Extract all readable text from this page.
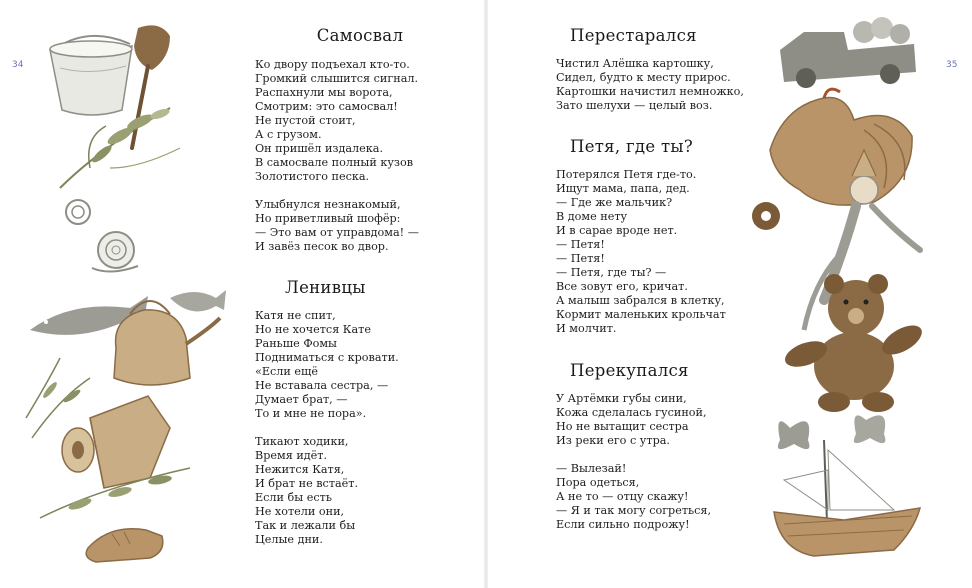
34
Самосвал
Ко двору подъехал кто-то.
Громкий слышится сигнал.
Распахнули мы ворота,
Смотрим: это самосвал!
Не пустой стоит,
А с грузом.
Он пришёл издалека.
В самосвале полный кузов
Золотистого песка.
Улыбнулся незнакомый,
Но приветливый шофёр:
— Это вам от управдома! —
И завёз песок во двор.
Ленивцы
Катя не спит,
Но не хочется Кате
Раньше Фомы
Подниматься с кровати.
«Если ещё
Не вставала сестра, —
Думает брат, —
То и мне не пора».
Тикают ходики,
Время идёт.
Нежится Катя,
И брат не встаёт.
Если бы есть
Не хотели они,
Так и лежали бы
Целые дни.
35
Перестарался
Чистил Алёшка картошку,
Сидел, будто к месту прирос.
Картошки начистил немножко,
Зато шелухи — целый воз.
Петя, где ты?
Потерялся Петя где-то.
Ищут мама, папа, дед.
— Где же мальчик?
В доме нету
И в сарае вроде нет.
— Петя!
— Петя!
— Петя, где ты? —
Все зовут его, кричат.
А малыш забрался в клетку,
Кормит маленьких крольчат
И молчит.
Перекупался
У Артёмки губы сини,
Кожа сделалась гусиной,
Но не вытащит сестра
Из реки его с утра.
— Вылезай!
Пора одеться,
А не то — отцу скажу!
— Я и так могу согреться,
Если сильно подрожу!
